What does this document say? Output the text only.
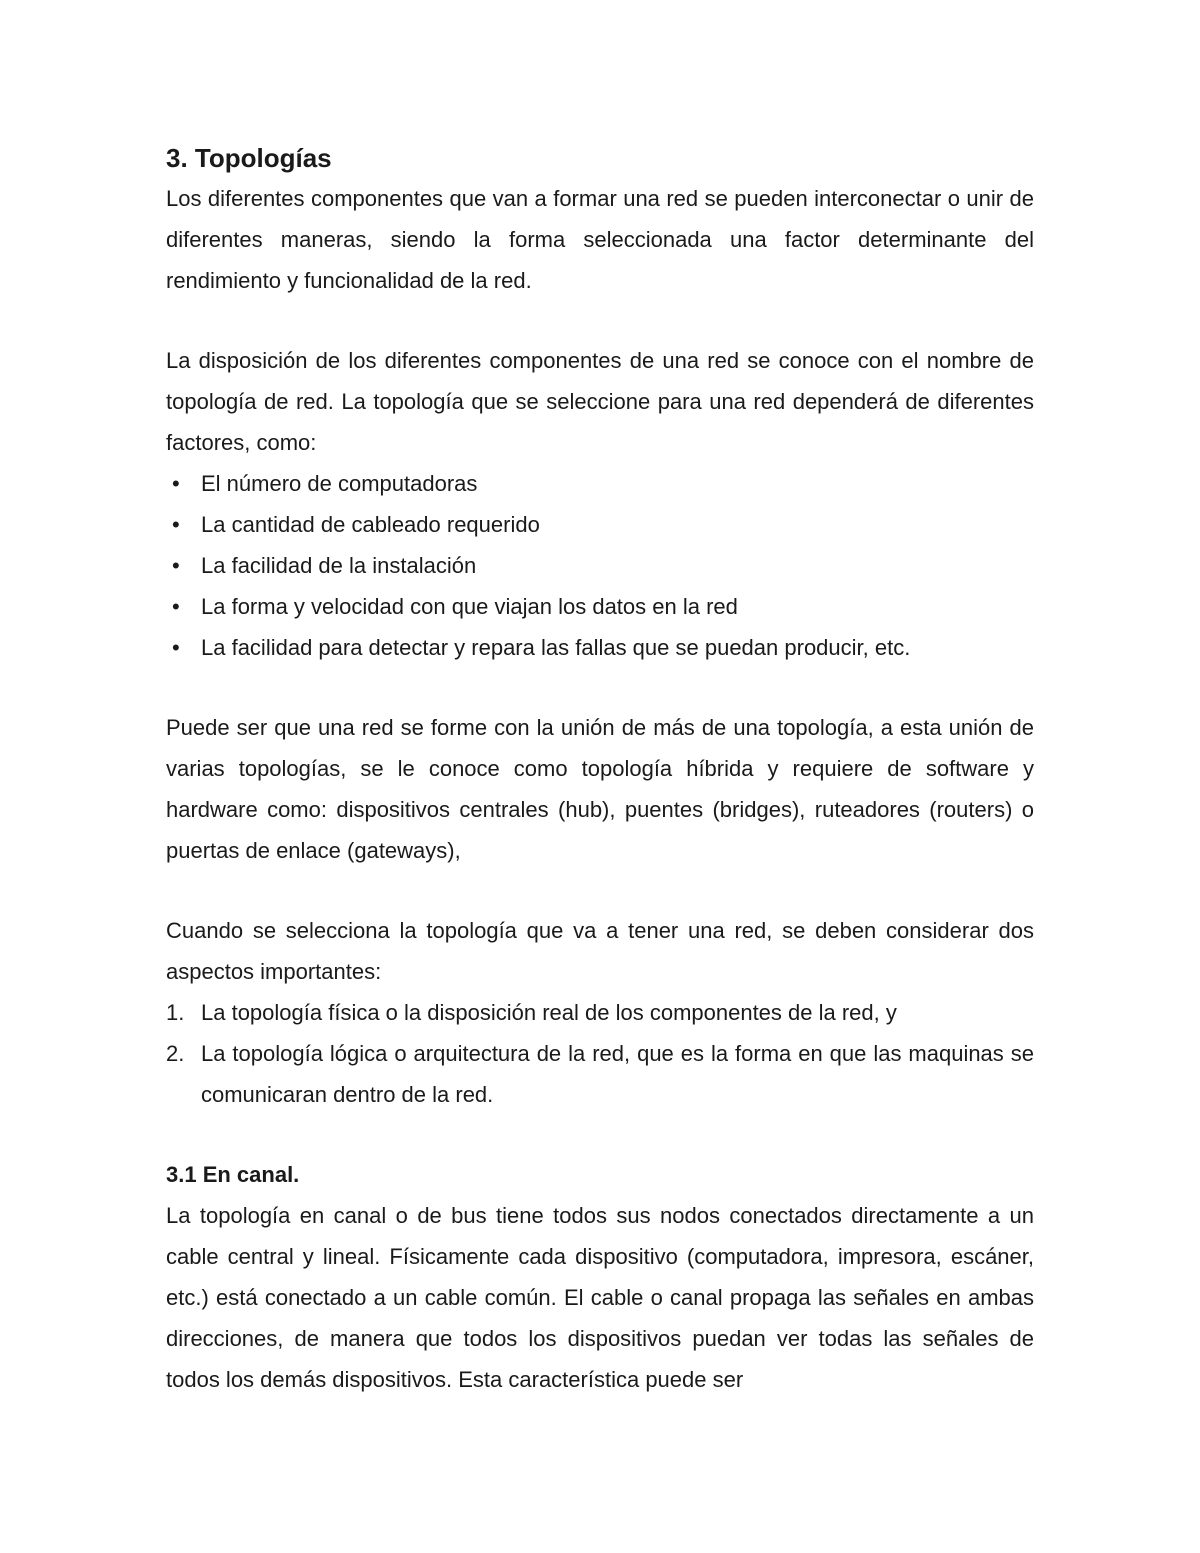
3. Topologías

Los diferentes componentes que van a formar una red se pueden interconectar o unir de diferentes maneras, siendo la forma seleccionada una factor determinante del rendimiento y funcionalidad de la red.

La disposición de los diferentes componentes de una red se conoce con el nombre de topología de red. La topología que se seleccione para una red dependerá de diferentes factores, como:

• El número de computadoras
• La cantidad de cableado requerido
• La facilidad de la instalación
• La forma y velocidad con que viajan los datos en la red
• La facilidad para detectar y repara las fallas que se puedan producir, etc.

Puede ser que una red se forme con la unión de más de una topología, a esta unión de varias topologías, se le conoce como topología híbrida y requiere de software y hardware como: dispositivos centrales (hub), puentes (bridges), ruteadores (routers) o puertas de enlace (gateways),

Cuando se selecciona la topología que va a tener una red, se deben considerar dos aspectos importantes:

1. La topología física o la disposición real de los componentes de la red, y
2. La topología lógica o arquitectura de la red, que es la forma en que las maquinas se comunicaran dentro de la red.
3.1 En canal.

La topología en canal o de bus tiene todos sus nodos conectados directamente a un cable central y lineal. Físicamente cada dispositivo (computadora, impresora, escáner, etc.) está conectado a un cable común. El cable o canal propaga las señales en ambas direcciones, de manera que todos los dispositivos puedan ver todas las señales de todos los demás dispositivos. Esta característica puede ser
